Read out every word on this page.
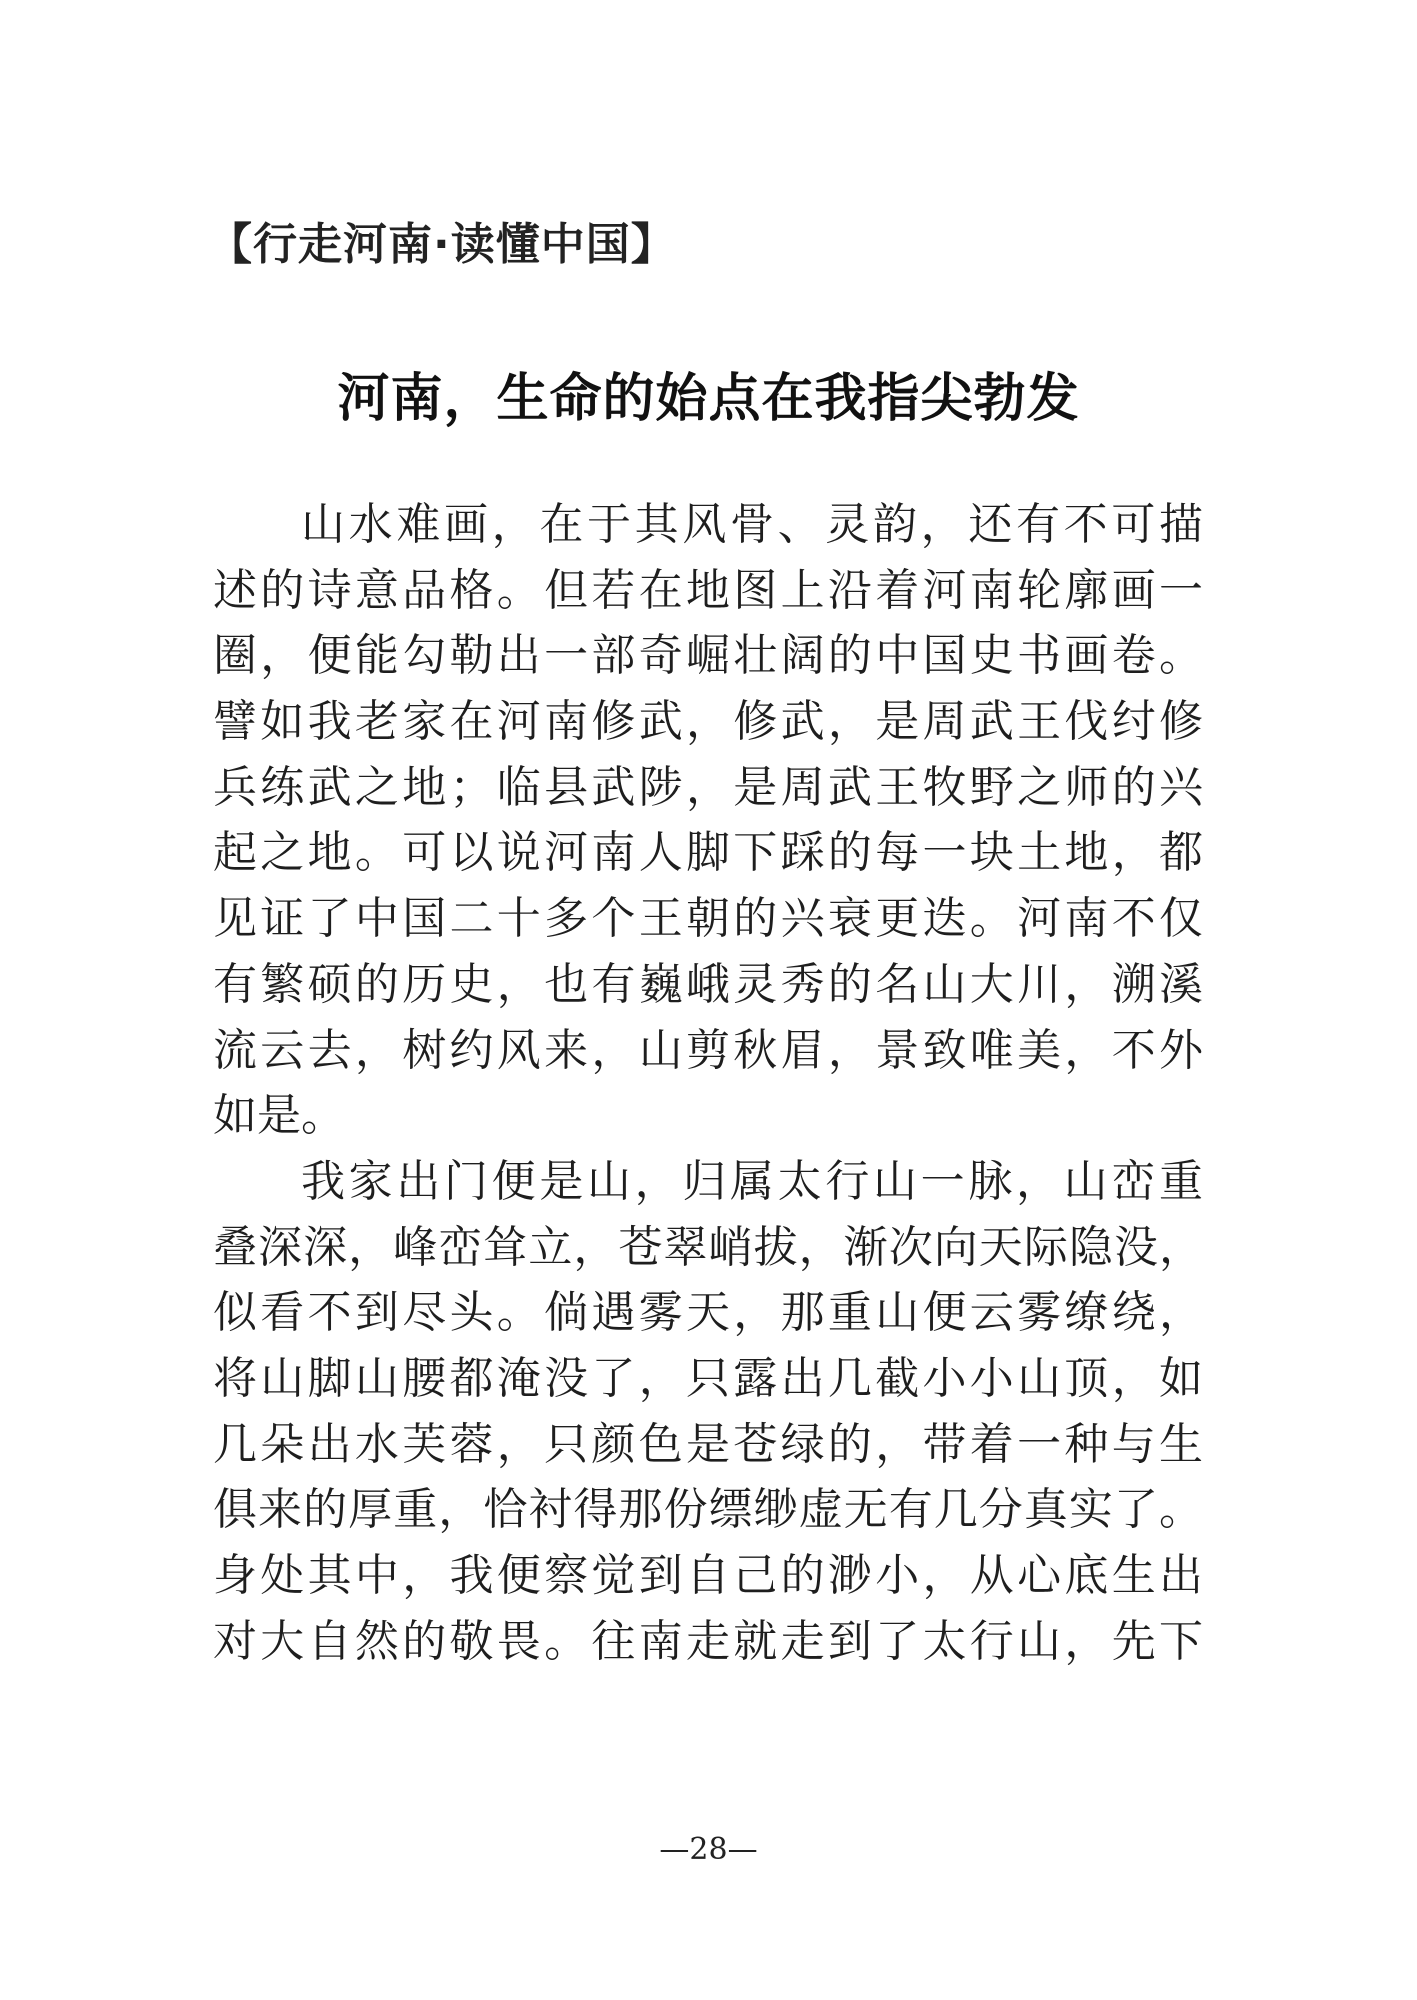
【行走河南·读懂中国】
河南，生命的始点在我指尖勃发
山水难画，在于其风骨、灵韵，还有不可描
述的诗意品格。但若在地图上沿着河南轮廓画一
圈，便能勾勒出一部奇崛壮阔的中国史书画卷。
譬如我老家在河南修武，修武，是周武王伐纣修
兵练武之地；临县武陟，是周武王牧野之师的兴
起之地。可以说河南人脚下踩的每一块土地，都
见证了中国二十多个王朝的兴衰更迭。河南不仅
有繁硕的历史，也有巍峨灵秀的名山大川，溯溪
流云去，树约风来，山剪秋眉，景致唯美，不外
如是。
我家出门便是山，归属太行山一脉，山峦重
叠深深，峰峦耸立，苍翠峭拔，渐次向天际隐没，
似看不到尽头。倘遇雾天，那重山便云雾缭绕，
将山脚山腰都淹没了，只露出几截小小山顶，如
几朵出水芙蓉，只颜色是苍绿的，带着一种与生
俱来的厚重，恰衬得那份缥缈虚无有几分真实了。
身处其中，我便察觉到自己的渺小，从心底生出
对大自然的敬畏。往南走就走到了太行山，先下
—28—
